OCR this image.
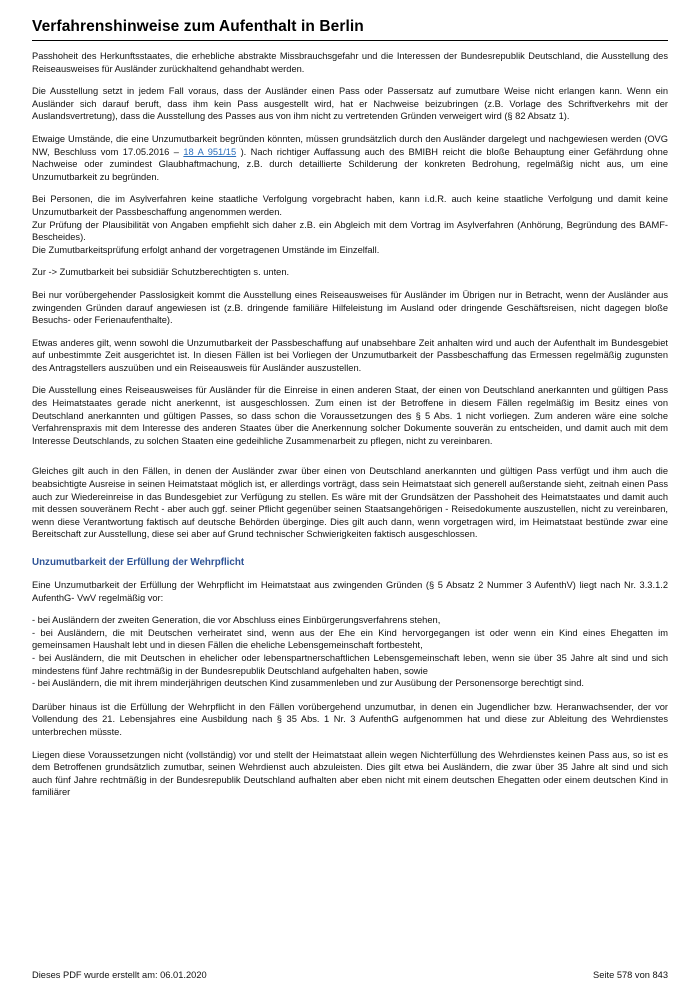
Verfahrenshinweise zum Aufenthalt in Berlin

Passhoheit des Herkunftsstaates, die erhebliche abstrakte Missbrauchsgefahr und die Interessen der Bundesrepublik Deutschland, die Ausstellung des Reiseausweises für Ausländer zurückhaltend gehandhabt werden.

Die Ausstellung setzt in jedem Fall voraus, dass der Ausländer einen Pass oder Passersatz auf zumutbare Weise nicht erlangen kann. Wenn ein Ausländer sich darauf beruft, dass ihm kein Pass ausgestellt wird, hat er Nachweise beizubringen (z.B. Vorlage des Schriftverkehrs mit der Auslandsvertretung), dass die Ausstellung des Passes aus von ihm nicht zu vertretenden Gründen verweigert wird (§ 82 Absatz 1).

Etwaige Umstände, die eine Unzumutbarkeit begründen könnten, müssen grundsätzlich durch den Ausländer dargelegt und nachgewiesen werden (OVG NW, Beschluss vom 17.05.2016 – 18 A 951/15 ). Nach richtiger Auffassung auch des BMIBH reicht die bloße Behauptung einer Gefährdung ohne Nachweise oder zumindest Glaubhaftmachung, z.B. durch detaillierte Schilderung der konkreten Bedrohung, regelmäßig nicht aus, um eine Unzumutbarkeit zu begründen.

Bei Personen, die im Asylverfahren keine staatliche Verfolgung vorgebracht haben, kann i.d.R. auch keine staatliche Verfolgung und damit keine Unzumutbarkeit der Passbeschaffung angenommen werden.

Zur Prüfung der Plausibilität von Angaben empfiehlt sich daher z.B. ein Abgleich mit dem Vortrag im Asylverfahren (Anhörung, Begründung des BAMF-Bescheides).

Die Zumutbarkeitsprüfung erfolgt anhand der vorgetragenen Umstände im Einzelfall.

Zur -> Zumutbarkeit bei subsidiär Schutzberechtigten s. unten.

Bei nur vorübergehender Passlosigkeit kommt die Ausstellung eines Reiseausweises für Ausländer im Übrigen nur in Betracht, wenn der Ausländer aus zwingenden Gründen darauf angewiesen ist (z.B. dringende familiäre Hilfeleistung im Ausland oder dringende Geschäftsreisen, nicht dagegen bloße Besuchs- oder Ferienaufenthalte).

Etwas anderes gilt, wenn sowohl die Unzumutbarkeit der Passbeschaffung auf unabsehbare Zeit anhalten wird und auch der Aufenthalt im Bundesgebiet auf unbestimmte Zeit ausgerichtet ist. In diesen Fällen ist bei Vorliegen der Unzumutbarkeit der Passbeschaffung das Ermessen regelmäßig zugunsten des Antragstellers auszuüben und ein Reiseausweis für Ausländer auszustellen.

Die Ausstellung eines Reiseausweises für Ausländer für die Einreise in einen anderen Staat, der einen von Deutschland anerkannten und gültigen Pass des Heimatstaates gerade nicht anerkennt, ist ausgeschlossen. Zum einen ist der Betroffene in diesem Fällen regelmäßig im Besitz eines von Deutschland anerkannten und gültigen Passes, so dass schon die Voraussetzungen des § 5 Abs. 1 nicht vorliegen. Zum anderen wäre eine solche Verfahrenspraxis mit dem Interesse des anderen Staates über die Anerkennung solcher Dokumente souverän zu entscheiden, und damit auch mit dem Interesse Deutschlands, zu solchen Staaten eine gedeihliche Zusammenarbeit zu pflegen, nicht zu vereinbaren.

Gleiches gilt auch in den Fällen, in denen der Ausländer zwar über einen von Deutschland anerkannten und gültigen Pass verfügt und ihm auch die beabsichtigte Ausreise in seinen Heimatstaat möglich ist, er allerdings vorträgt, dass sein Heimatstaat sich generell außerstande sieht, zeitnah einen Pass auch zur Wiedereinreise in das Bundesgebiet zur Verfügung zu stellen. Es wäre mit der Grundsätzen der Passhoheit des Heimatstaates und damit auch mit dessen souveränem Recht - aber auch ggf. seiner Pflicht gegenüber seinen Staatsangehörigen - Reisedokumente auszustellen, nicht zu vereinbaren, wenn diese Verantwortung faktisch auf deutsche Behörden überginge. Dies gilt auch dann, wenn vorgetragen wird, im Heimatstaat bestünde zwar eine Bereitschaft zur Ausstellung, diese sei aber auf Grund technischer Schwierigkeiten faktisch ausgeschlossen.

Unzumutbarkeit der Erfüllung der Wehrpflicht

Eine Unzumutbarkeit der Erfüllung der Wehrpflicht im Heimatstaat aus zwingenden Gründen (§ 5 Absatz 2 Nummer 3 AufenthV) liegt nach Nr. 3.3.1.2 AufenthG- VwV regelmäßig vor:

- bei Ausländern der zweiten Generation, die vor Abschluss eines Einbürgerungsverfahrens stehen,

- bei Ausländern, die mit Deutschen verheiratet sind, wenn aus der Ehe ein Kind hervorgegangen ist oder wenn ein Kind eines Ehegatten im gemeinsamen Haushalt lebt und in diesen Fällen die eheliche Lebensgemeinschaft fortbesteht,

- bei Ausländern, die mit Deutschen in ehelicher oder lebenspartnerschaftlichen Lebensgemeinschaft leben, wenn sie über 35 Jahre alt sind und sich mindestens fünf Jahre rechtmäßig in der Bundesrepublik Deutschland aufgehalten haben, sowie

- bei Ausländern, die mit ihrem minderjährigen deutschen Kind zusammenleben und zur Ausübung der Personensorge berechtigt sind.

Darüber hinaus ist die Erfüllung der Wehrpflicht in den Fällen vorübergehend unzumutbar, in denen ein Jugendlicher bzw. Heranwachsender, der vor Vollendung des 21. Lebensjahres eine Ausbildung nach § 35 Abs. 1 Nr. 3 AufenthG aufgenommen hat und diese zur Ableitung des Wehrdienstes unterbrechen müsste.

Liegen diese Voraussetzungen nicht (vollständig) vor und stellt der Heimatstaat allein wegen Nichterfüllung des Wehrdienstes keinen Pass aus, so ist es dem Betroffenen grundsätzlich zumutbar, seinen Wehrdienst auch abzuleisten. Dies gilt etwa bei Ausländern, die zwar über 35 Jahre alt sind und sich auch fünf Jahre rechtmäßig in der Bundesrepublik Deutschland aufhalten aber eben nicht mit einem deutschen Ehegatten oder einem deutschen Kind in familiärer

Dieses PDF wurde erstellt am: 06.01.2020	Seite 578 von 843
